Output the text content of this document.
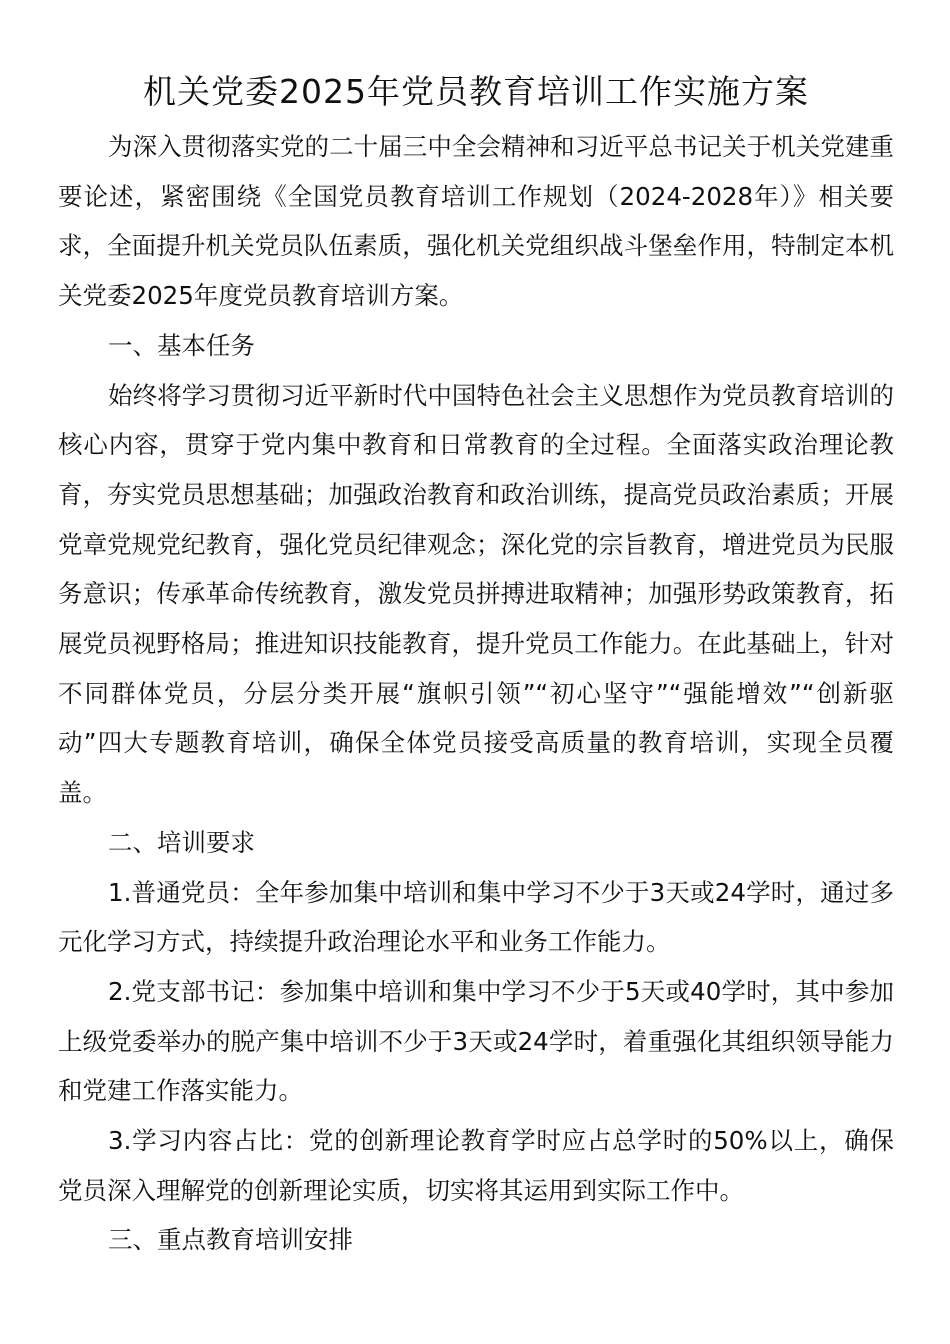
机关党委2025年党员教育培训工作实施方案

为深入贯彻落实党的二十届三中全会精神和习近平总书记关于机关党建重要论述，紧密围绕《全国党员教育培训工作规划（2024-2028年）》相关要求，全面提升机关党员队伍素质，强化机关党组织战斗堡垒作用，特制定本机关党委2025年度党员教育培训方案。

一、基本任务

始终将学习贯彻习近平新时代中国特色社会主义思想作为党员教育培训的核心内容，贯穿于党内集中教育和日常教育的全过程。全面落实政治理论教育，夯实党员思想基础；加强政治教育和政治训练，提高党员政治素质；开展党章党规党纪教育，强化党员纪律观念；深化党的宗旨教育，增进党员为民服务意识；传承革命传统教育，激发党员拼搏进取精神；加强形势政策教育，拓展党员视野格局；推进知识技能教育，提升党员工作能力。在此基础上，针对不同群体党员，分层分类开展“旗帜引领”“初心坚守”“强能增效”“创新驱动”四大专题教育培训，确保全体党员接受高质量的教育培训，实现全员覆盖。

二、培训要求

1.普通党员：全年参加集中培训和集中学习不少于3天或24学时，通过多元化学习方式，持续提升政治理论水平和业务工作能力。

2.党支部书记：参加集中培训和集中学习不少于5天或40学时，其中参加上级党委举办的脱产集中培训不少于3天或24学时，着重强化其组织领导能力和党建工作落实能力。

3.学习内容占比：党的创新理论教育学时应占总学时的50%以上，确保党员深入理解党的创新理论实质，切实将其运用到实际工作中。

三、重点教育培训安排
